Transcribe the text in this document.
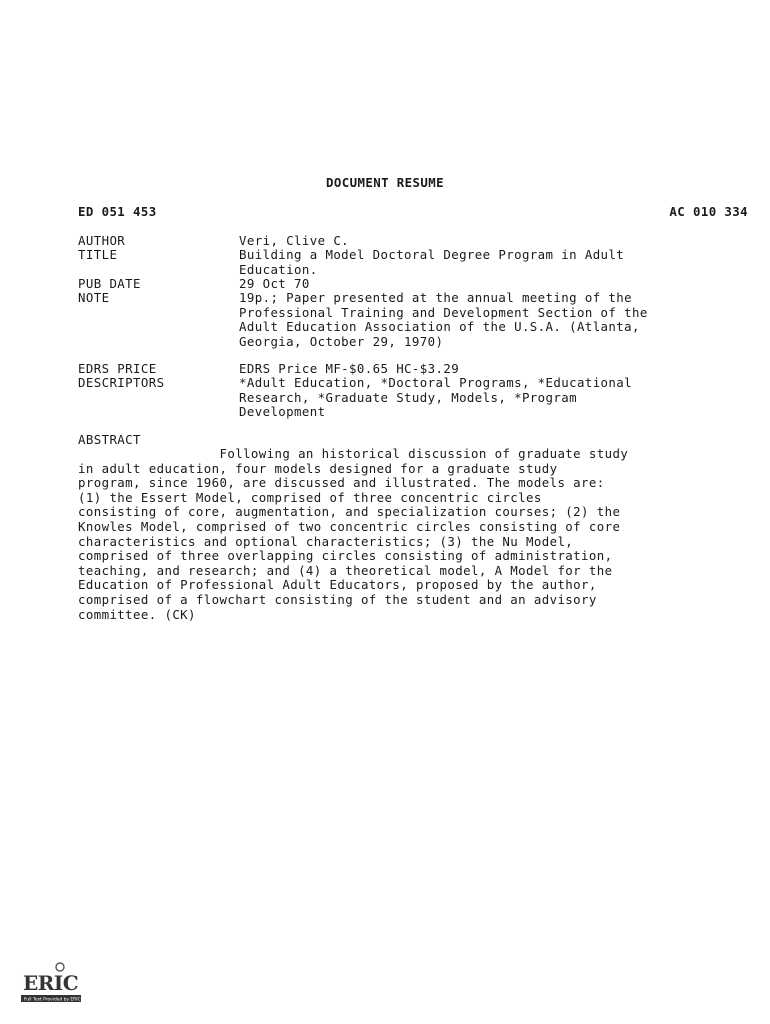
DOCUMENT RESUME
ED 051 453	AC 010 334
AUTHOR	Veri, Clive C.
TITLE	Building a Model Doctoral Degree Program in Adult
Education.
PUB DATE	29 Oct 70
NOTE	19p.; Paper presented at the annual meeting of the
Professional Training and Development Section of the
Adult Education Association of the U.S.A. (Atlanta,
Georgia, October 29, 1970)
EDRS PRICE	EDRS Price MF-$0.65 HC-$3.29
DESCRIPTORS	*Adult Education, *Doctoral Programs, *Educational
Research, *Graduate Study, Models, *Program
Development
ABSTRACT
Following an historical discussion of graduate study
in adult education, four models designed for a graduate study
program, since 1960, are discussed and illustrated. The models are:
(1) the Essert Model, comprised of three concentric circles
consisting of core, augmentation, and specialization courses; (2) the
Knowles Model, comprised of two concentric circles consisting of core
characteristics and optional characteristics; (3) the Nu Model,
comprised of three overlapping circles consisting of administration,
teaching, and research; and (4) a theoretical model, A Model for the
Education of Professional Adult Educators, proposed by the author,
comprised of a flowchart consisting of the student and an advisory
committee. (CK)
ERIC
Full Text Provided by ERIC
